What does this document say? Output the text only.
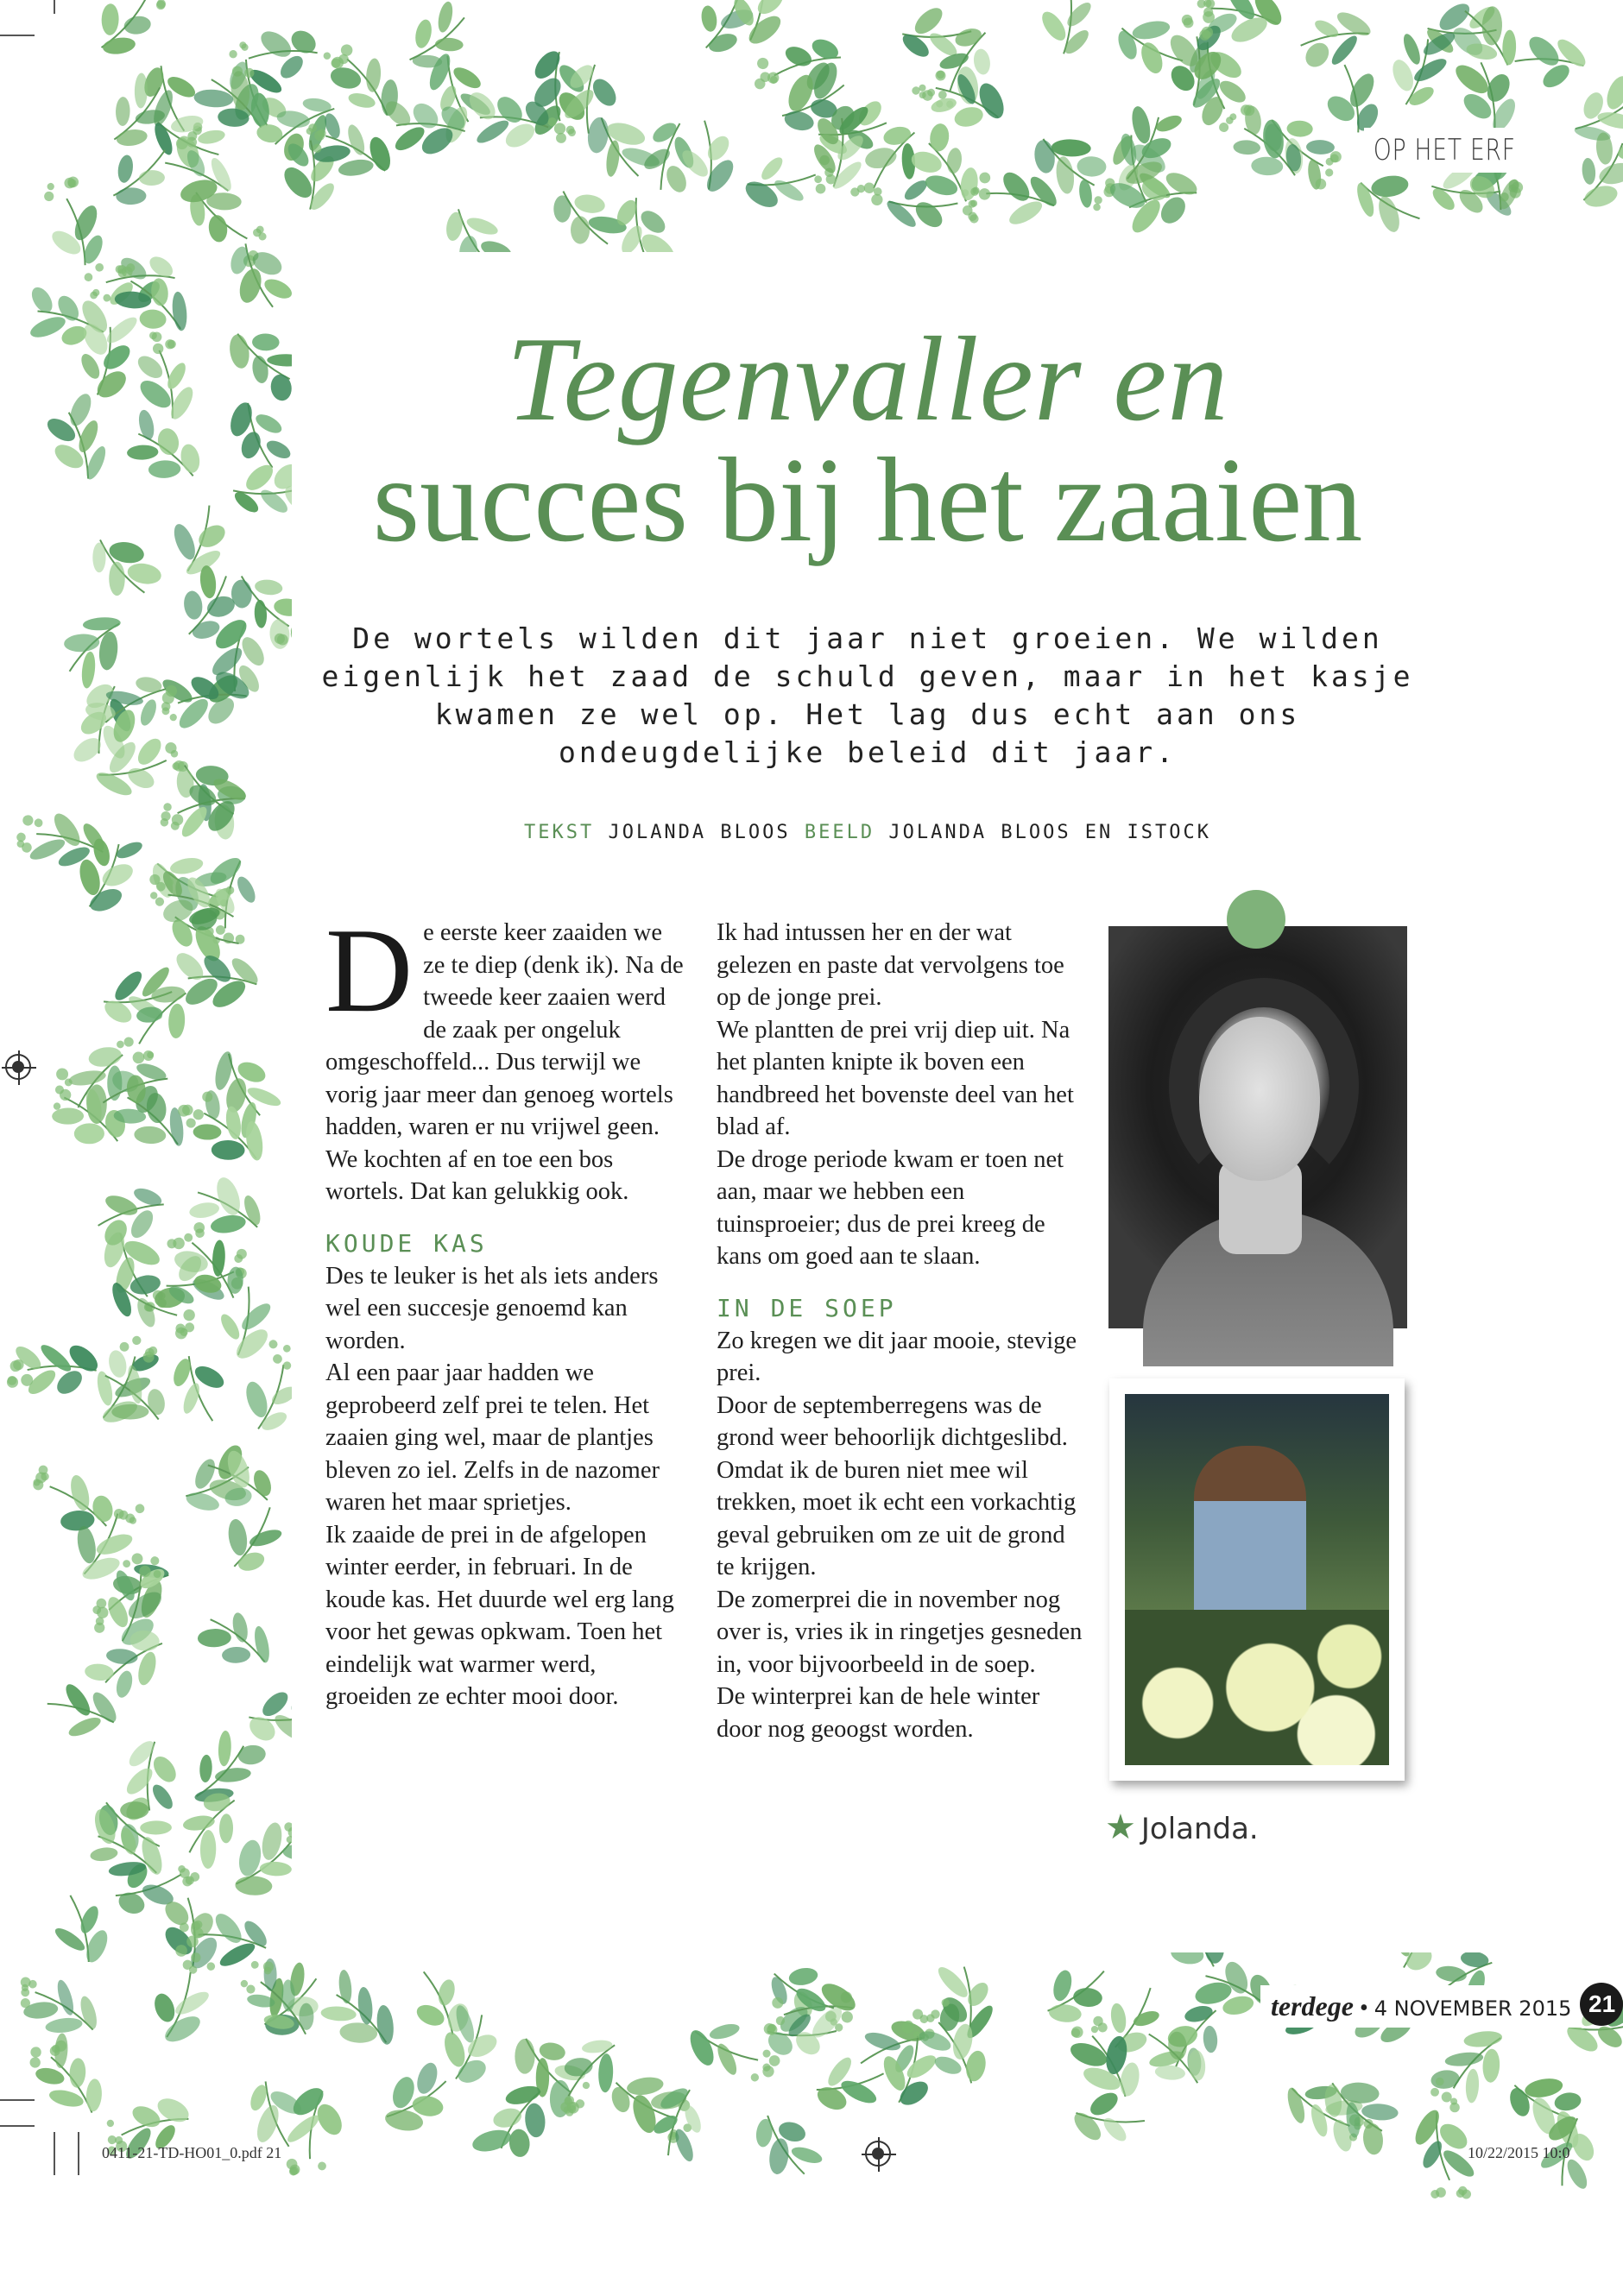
OP HET ERF
Tegenvaller en
succes bij het zaaien
De wortels wilden dit jaar niet groeien. We wilden eigenlijk het zaad de schuld geven, maar in het kasje kwamen ze wel op. Het lag dus echt aan ons ondeugdelijke beleid dit jaar.
TEKST JOLANDA BLOOS BEELD JOLANDA BLOOS EN ISTOCK

De eerste keer zaaiden we ze te diep (denk ik). Na de tweede keer zaaien werd de zaak per ongeluk omgeschoffeld... Dus terwijl we vorig jaar meer dan genoeg wortels hadden, waren er nu vrijwel geen. We kochten af en toe een bos wortels. Dat kan gelukkig ook.

KOUDE KAS

Des te leuker is het als iets anders wel een succesje genoemd kan worden.

Al een paar jaar hadden we geprobeerd zelf prei te telen. Het zaaien ging wel, maar de plantjes bleven zo iel. Zelfs in de nazomer waren het maar sprietjes.

Ik zaaide de prei in de afgelopen winter eerder, in februari. In de koude kas. Het duurde wel erg lang voor het gewas opkwam. Toen het eindelijk wat warmer werd, groeiden ze echter mooi door.

Ik had intussen her en der wat gelezen en paste dat vervolgens toe op de jonge prei.

We plantten de prei vrij diep uit. Na het planten knipte ik boven een handbreed het bovenste deel van het blad af.

De droge periode kwam er toen net aan, maar we hebben een tuinsproeier; dus de prei kreeg de kans om goed aan te slaan.

IN DE SOEP

Zo kregen we dit jaar mooie, stevige prei.

Door de septemberregens was de grond weer behoorlijk dichtgeslibd. Omdat ik de buren niet mee wil trekken, moet ik echt een vorkachtig geval gebruiken om ze uit de grond te krijgen.

De zomerprei die in november nog over is, vries ik in ringetjes gesneden in, voor bijvoorbeeld in de soep.

De winterprei kan de hele winter door nog geoogst worden.

★ Jolanda.
terdege • 4 NOVEMBER 2015 21
0411-21-TD-HO01_0.pdf 21	10/22/2015 10:0
